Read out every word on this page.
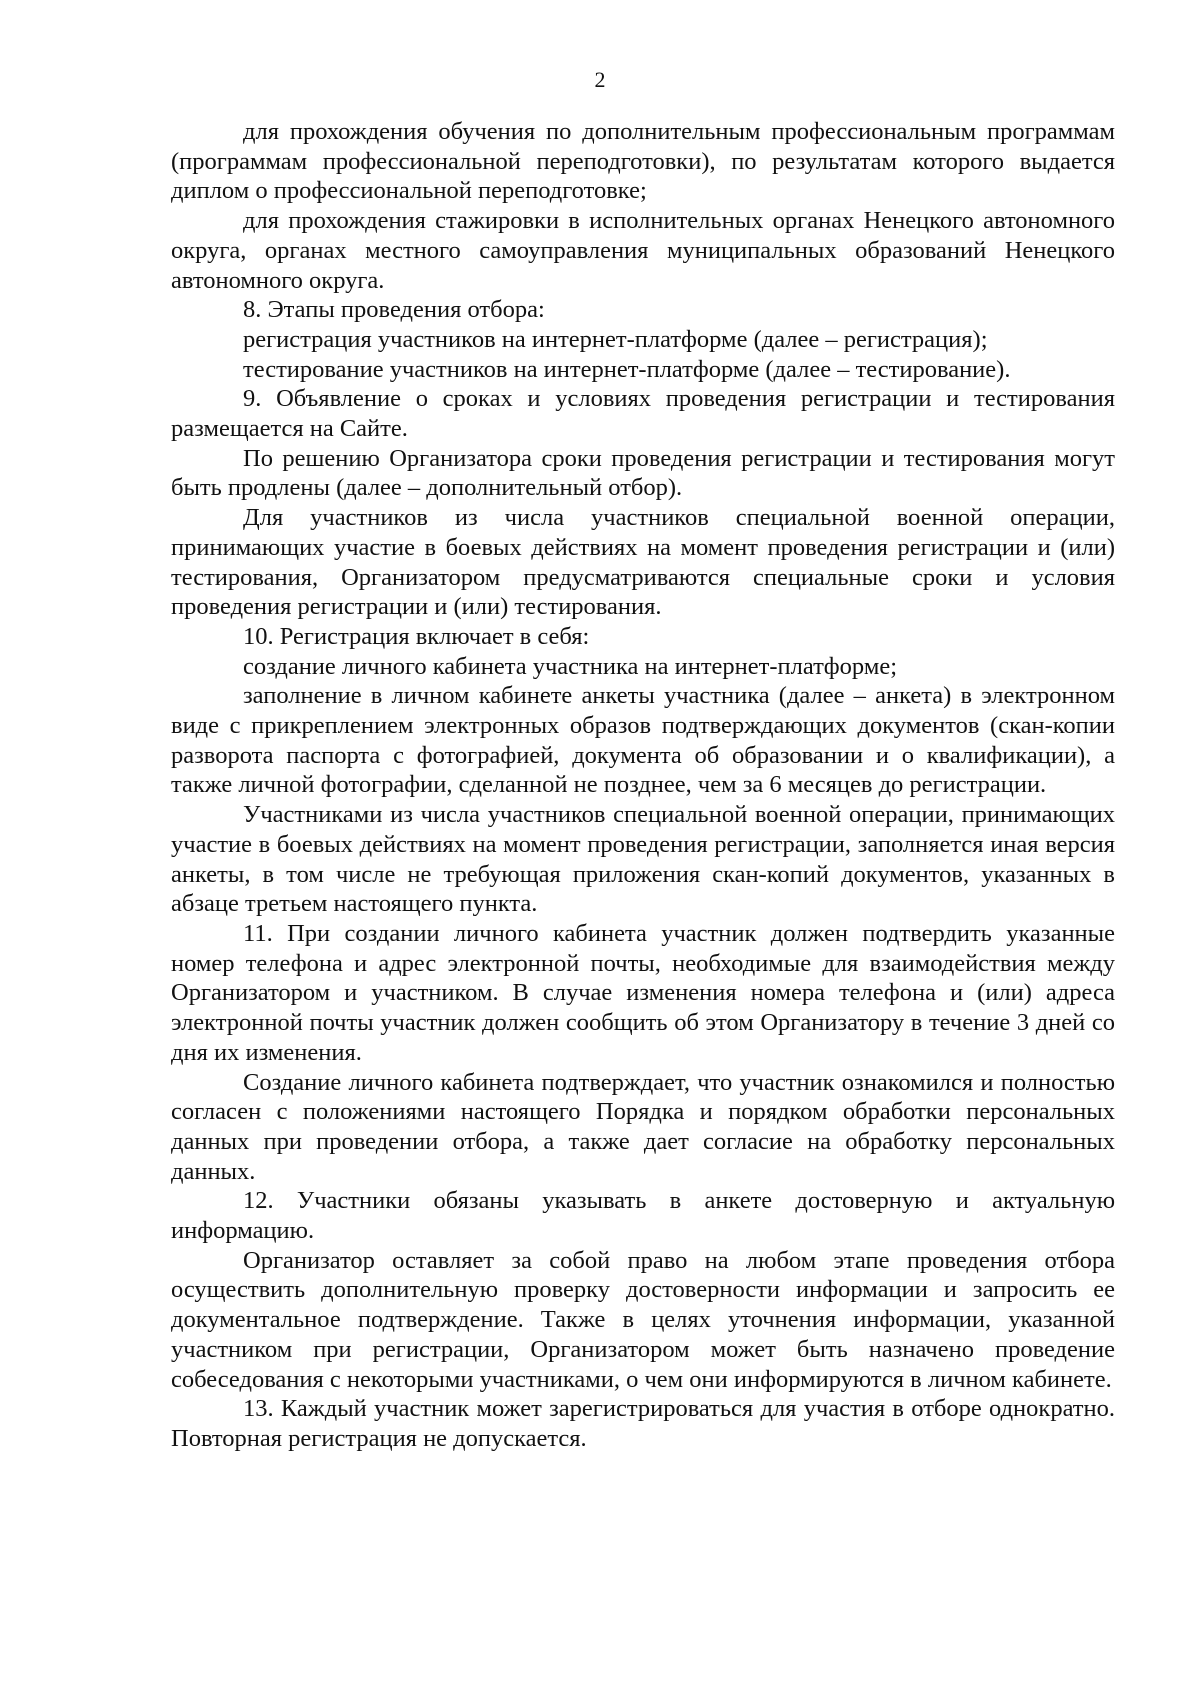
2

для прохождения обучения по дополнительным профессиональным программам (программам профессиональной переподготовки), по результатам которого выдается диплом о профессиональной переподготовке;

для прохождения стажировки в исполнительных органах Ненецкого автономного округа, органах местного самоуправления муниципальных образований Ненецкого автономного округа.

8. Этапы проведения отбора:

регистрация участников на интернет-платформе (далее – регистрация);

тестирование участников на интернет-платформе (далее – тестирование).

9. Объявление о сроках и условиях проведения регистрации и тестирования размещается на Сайте.

По решению Организатора сроки проведения регистрации и тестирования могут быть продлены (далее – дополнительный отбор).

Для участников из числа участников специальной военной операции, принимающих участие в боевых действиях на момент проведения регистрации и (или) тестирования, Организатором предусматриваются специальные сроки и условия проведения регистрации и (или) тестирования.

10. Регистрация включает в себя:

создание личного кабинета участника на интернет-платформе;

заполнение в личном кабинете анкеты участника (далее – анкета) в электронном виде с прикреплением электронных образов подтверждающих документов (скан-копии разворота паспорта с фотографией, документа об образовании и о квалификации), а также личной фотографии, сделанной не позднее, чем за 6 месяцев до регистрации.

Участниками из числа участников специальной военной операции, принимающих участие в боевых действиях на момент проведения регистрации, заполняется иная версия анкеты, в том числе не требующая приложения скан-копий документов, указанных в абзаце третьем настоящего пункта.

11. При создании личного кабинета участник должен подтвердить указанные номер телефона и адрес электронной почты, необходимые для взаимодействия между Организатором и участником. В случае изменения номера телефона и (или) адреса электронной почты участник должен сообщить об этом Организатору в течение 3 дней со дня их изменения.

Создание личного кабинета подтверждает, что участник ознакомился и полностью согласен с положениями настоящего Порядка и порядком обработки персональных данных при проведении отбора, а также дает согласие на обработку персональных данных.

12. Участники обязаны указывать в анкете достоверную и актуальную информацию.

Организатор оставляет за собой право на любом этапе проведения отбора осуществить дополнительную проверку достоверности информации и запросить ее документальное подтверждение. Также в целях уточнения информации, указанной участником при регистрации, Организатором может быть назначено проведение собеседования с некоторыми участниками, о чем они информируются в личном кабинете.

13. Каждый участник может зарегистрироваться для участия в отборе однократно. Повторная регистрация не допускается.
